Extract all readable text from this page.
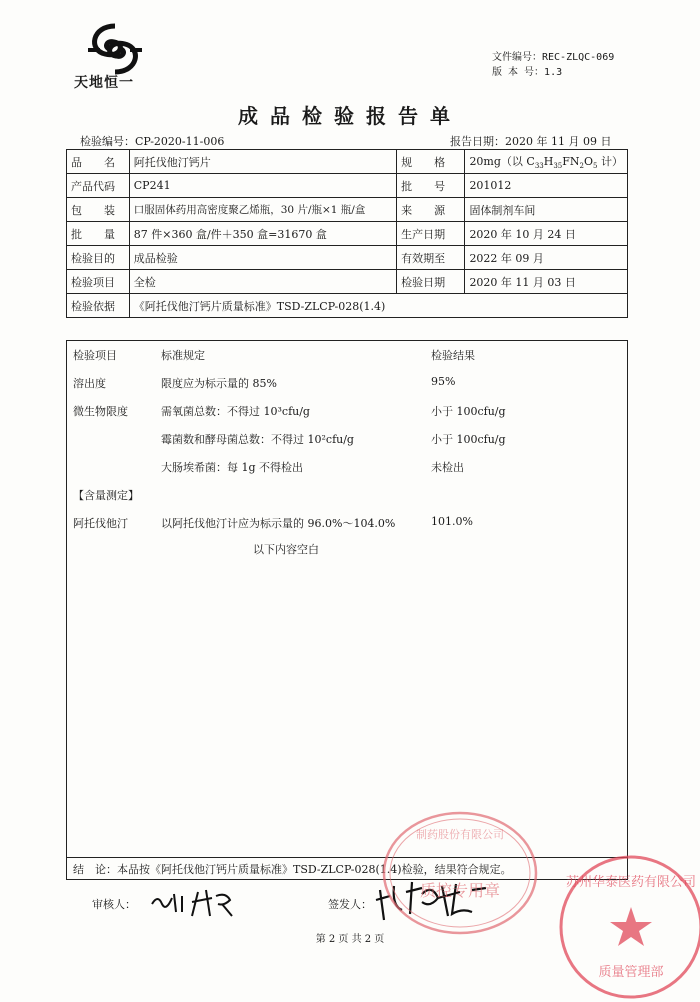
天地恒一
文件编号：REC-ZLQC-069
版 本 号：1.3
成品检验报告单
检验编号：CP-2020-11-006	报告日期：2020 年 11 月 09 日
品　　名	阿托伐他汀钙片	规　　格	20mg（以 $C_{33}H_{35}FN_2O_5$ 计）
产品代码	CP241	批　　号	201012
包　　装	口服固体药用高密度聚乙烯瓶，30 片/瓶×1 瓶/盒	来　　源	固体制剂车间
批　　量	87 件×360 盒/件＋350 盒=31670 盒	生产日期	2020 年 10 月 24 日
检验目的	成品检验	有效期至	2022 年 09 月
检验项目	全检	检验日期	2020 年 11 月 03 日
检验依据	《阿托伐他汀钙片质量标准》TSD-ZLCP-028(1.4)		
检验项目	标准规定	检验结果
溶出度	限度应为标示量的 85%	95%
微生物限度	需氧菌总数：不得过 10³cfu/g	小于 100cfu/g
霉菌数和酵母菌总数：不得过 10²cfu/g	小于 100cfu/g
大肠埃希菌：每 1g 不得检出	未检出
【含量测定】
阿托伐他汀	以阿托伐他汀计应为标示量的 96.0%～104.0%	101.0%
以下内容空白
结　论：本品按《阿托伐他汀钙片质量标准》TSD-ZLCP-028(1.4)检验，结果符合规定。
审核人：	签发人：
质控专用章
制药股份有限公司
苏州华泰医药有限公司
质量管理部
第 2 页 共 2 页
